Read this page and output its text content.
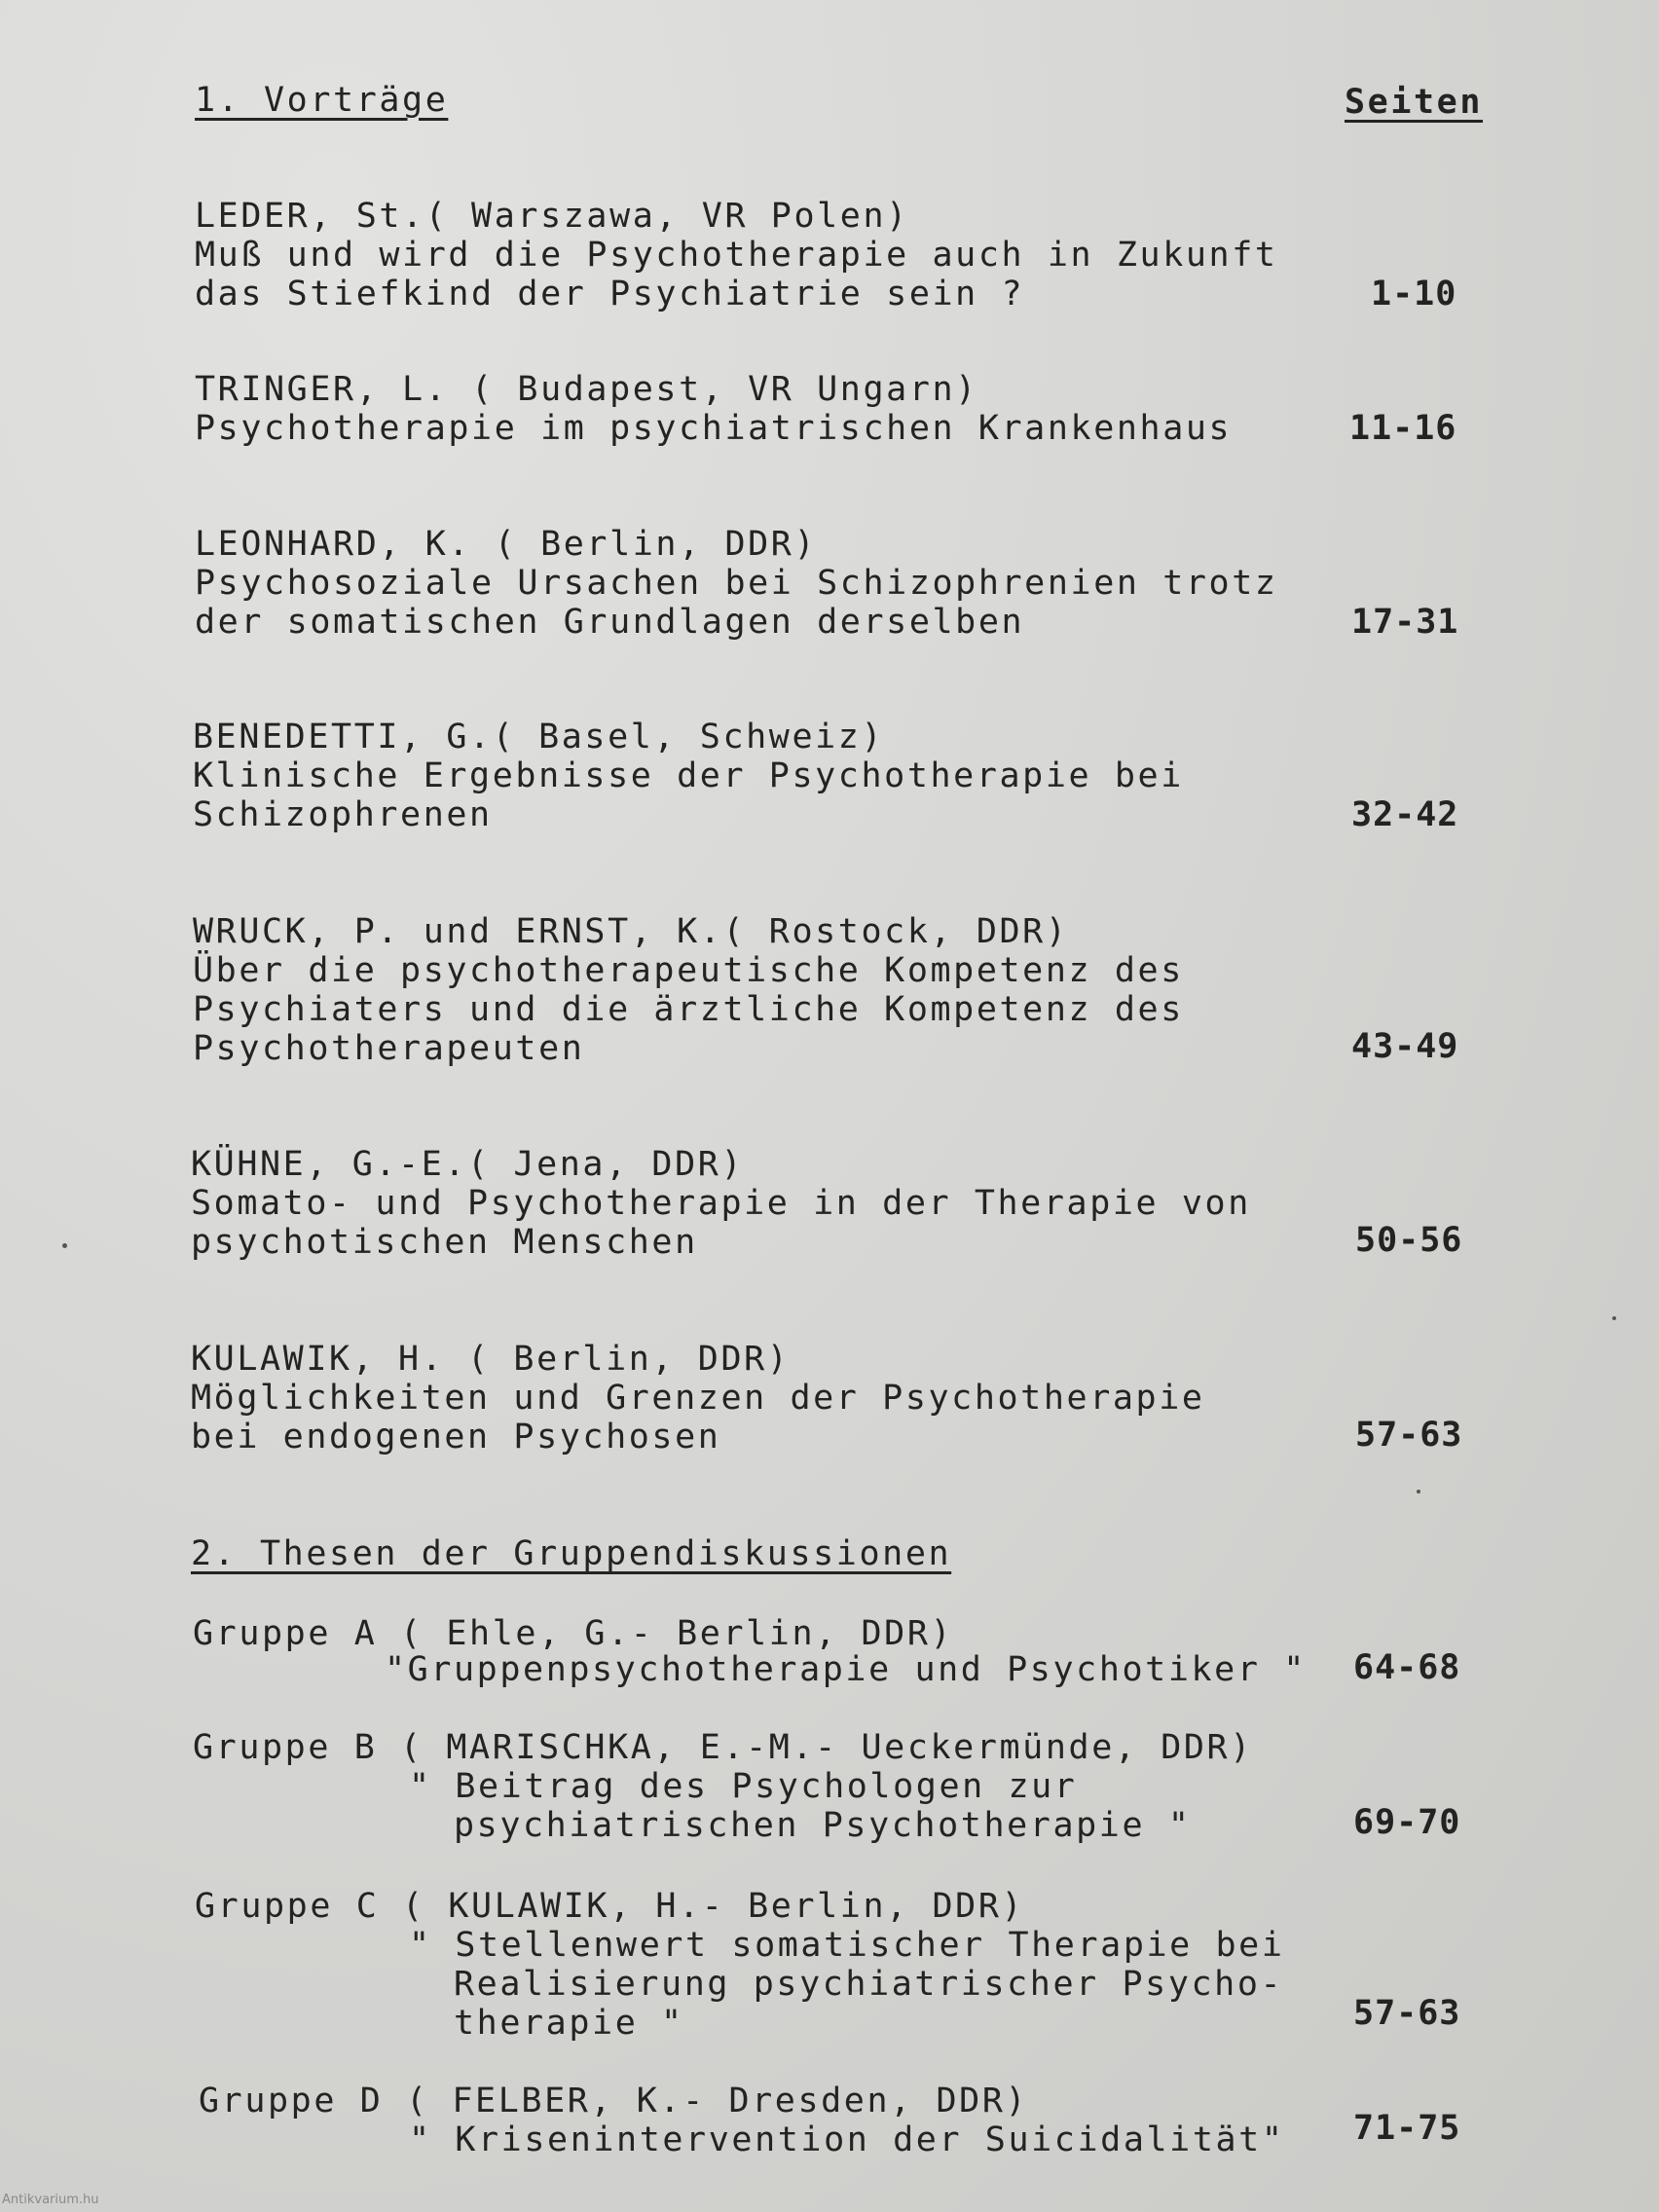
1. Vorträge	Seiten
LEDER, St.( Warszawa, VR Polen)
Muß und wird die Psychotherapie auch in Zukunft
das Stiefkind der Psychiatrie sein ?	1-10
TRINGER, L. ( Budapest, VR Ungarn)
Psychotherapie im psychiatrischen Krankenhaus	11-16
LEONHARD, K. ( Berlin, DDR)
Psychosoziale Ursachen bei Schizophrenien trotz
der somatischen Grundlagen derselben	17-31
BENEDETTI, G.( Basel, Schweiz)
Klinische Ergebnisse der Psychotherapie bei
Schizophrenen	32-42
WRUCK, P. und ERNST, K.( Rostock, DDR)
Über die psychotherapeutische Kompetenz des
Psychiaters und die ärztliche Kompetenz des
Psychotherapeuten	43-49
KÜHNE, G.-E.( Jena, DDR)
Somato- und Psychotherapie in der Therapie von
psychotischen Menschen	50-56
KULAWIK, H. ( Berlin, DDR)
Möglichkeiten und Grenzen der Psychotherapie
bei endogenen Psychosen	57-63
2. Thesen der Gruppendiskussionen
Gruppe A ( Ehle, G.- Berlin, DDR)
"Gruppenpsychotherapie und Psychotiker " 64-68
Gruppe B ( MARISCHKA, E.-M.- Ueckermünde, DDR)
" Beitrag des Psychologen zur
psychiatrischen Psychotherapie "	69-70
Gruppe C ( KULAWIK, H.- Berlin, DDR)
" Stellenwert somatischer Therapie bei
Realisierung psychiatrischer Psycho-
therapie "	57-63
Gruppe D ( FELBER, K.- Dresden, DDR)
" Krisenintervention der Suicidalität" 71-75
Antikvarium.hu
